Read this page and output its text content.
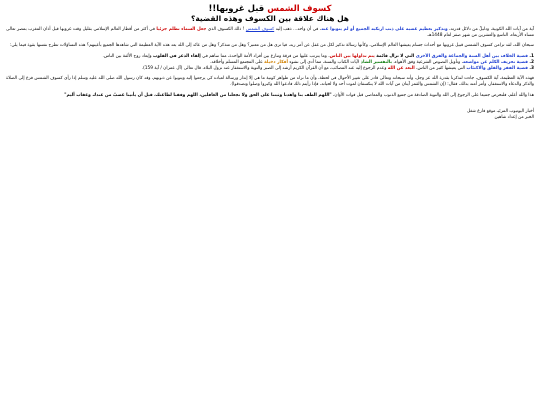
كسوف الشمس قبل غروبها!!
هل هناك علاقة بين الكسوف وهذه القضية؟

آية من آيات الله الكونية، ودليلٌ من دلائل قدرته، وتذكير بعظيم غضبه على ذنب ارتكبه الجميع أو لم يتوبوا عنه، في أن واحد... ذهب إليه كسوف الشمس ! ذلك الكسوف الذي جعل السماء تظلم جزئيا في أكثر من أقطار العالم الإسلامي بقليل وقت غروبها قبل أذان المغرب بمصر تعالى مساء الأربعاء، التاسع والعشرين من شهر صفر لعام 1448هـ.

سبحان الله، لقد تزامن كسوف الشمس قبيل غروبها مع أحداث جسام يعيشها العالم الإسلامي، وكأنها رسالة تذكير لكل من غفل عن أمر ربه، فيا ترى هل من معتبر؟ وهل من متذكر؟ وهل من عائد إلى الله بعد هذه الآية العظيمة التي شاهدها الجميع بأعينهم؟ هذه التساؤلات تطرح نفسها بقوة فيما يلي:

1. قضية الخلاف بين أهل السنة والجماعة والفرق الأخرى التي لا تزال قائمة يتم تداولها بين الناس، وما يترتب عليها من فرقة وتنازع بين أفراد الأمة الواحدة، مما ساهم في إلقاء الذعر في القلوب وإبعاد روح الألفة بين الناس.
2. قضية تحريف الكلم عن مواضعه، وتأويل النصوص الشرعية وفق الأهواء، بالتفسير الشاذ لآيات الكتاب والسنة، مما أدى إلى نشوء أفكار دخيلة على المجتمع المسلم وأخلاقه.
3. قضية الفقر والقلق والاكتئاب التي يعيشها كثير من الناس، البعد عن الله وعدم الرجوع إليه عند المصائب، مع أن القرآن الكريم أرشد إلى الصبر والتوبة والاستغفار عند نزول البلاء، قال تعالى (آل عمران / آية 159).

فهذه الآية العظيمة، آية الكسوف، جاءت لتذكرنا بقدرة الله عز وجل، وأنه سبحانه وتعالى قادر على تغيير الأحوال في لحظة، وأن ما نراه من ظواهر كونية ما هي إلا إنذار ورسالة لعباده كي يرجعوا إليه ويتوبوا عن ذنوبهم، وقد كان رسول الله صلى الله عليه وسلم إذا رأى كسوف الشمس فزع إلى الصلاة والذكر والدعاء والاستغفار، وأمر أمته بذلك، فقال: (إن الشمس والقمر آيتان من آيات الله لا ينكسفان لموت أحد ولا لحياته، فإذا رأيتم ذلك فادعوا الله وكبروا وصلوا وتصدقوا).

هذا والله أعلم، فلنحرص جميعا على الرجوع إلى الله والتوبة الصادقة من جميع الذنوب والمعاصي قبل فوات الأوان، "اللهم الطف بنا واهدنا وثبتنا على الحق ولا تجعلنا من الغافلين، اللهم وفقنا لطاعتك، قبل أن يأتينا غضبٌ من عندك وعقاب أليم"

أخبار اليوتيوب المرئيـ موقع فارغ شغل

الخبر من إعداد شاهين
